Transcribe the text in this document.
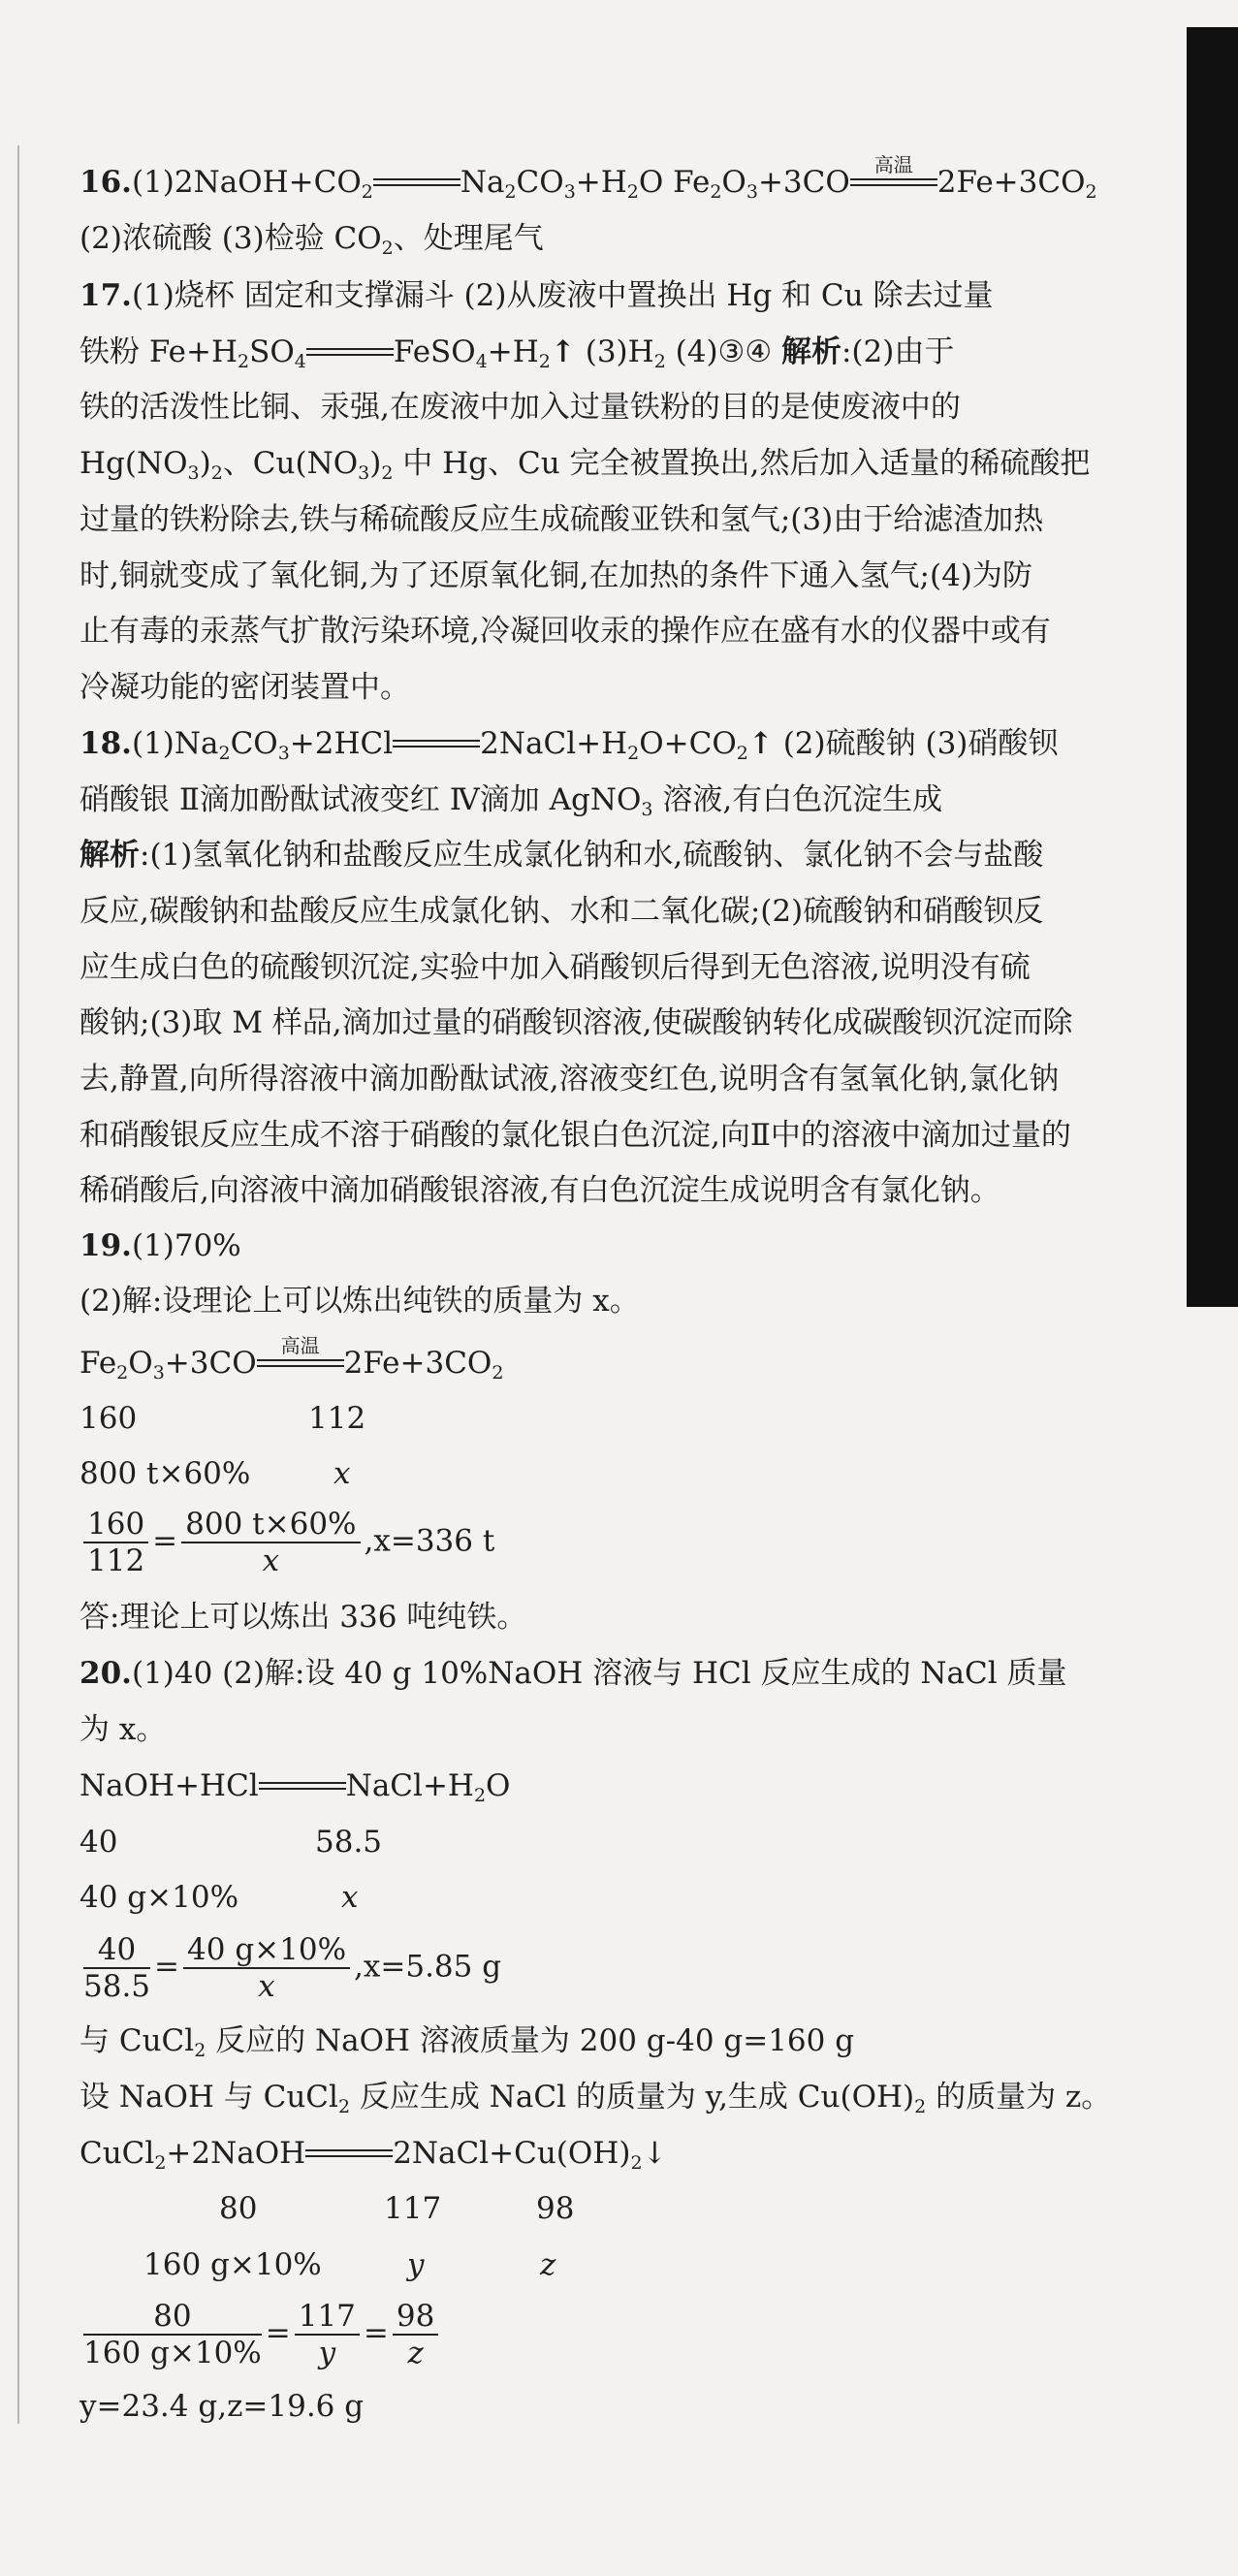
$16.(1)2NaOH+CO_2$	$Na_2CO_3+H_2O$ $Fe_2O_3+3CO$
高温
$2Fe+3CO_2$
(2)浓硫酸 (3)检验 $CO_2$、处理尾气
17.(1)烧杯 固定和支撑漏斗 (2)从废液中置换出 Hg 和 Cu 除去过量
铁粉 $Fe+H_2SO_4$	$FeSO_4+H_2$ ↑ $(3)H_2$ (4)③④ 解析:(2)由于
铁的活泼性比铜、汞强,在废液中加入过量铁粉的目的是使废液中的
$Hg(NO_3)_2$、$Cu(NO_3)_2$ 中 Hg、Cu 完全被置换出,然后加入适量的稀硫酸把
过量的铁粉除去,铁与稀硫酸反应生成硫酸亚铁和氢气;(3)由于给滤渣加热
时,铜就变成了氧化铜,为了还原氧化铜,在加热的条件下通入氢气;(4)为防
止有毒的汞蒸气扩散污染环境,冷凝回收汞的操作应在盛有水的仪器中或有
冷凝功能的密闭装置中。
$18.(1)Na_2CO_3+2HCl$	$2NaCl+H_2O+CO_2$ ↑ (2)硫酸钠 (3)硝酸钡
硝酸银 Ⅱ滴加酚酞试液变红 Ⅳ滴加 AgNO$_3$ 溶液,有白色沉淀生成
解析:(1)氢氧化钠和盐酸反应生成氯化钠和水,硫酸钠、氯化钠不会与盐酸
反应,碳酸钠和盐酸反应生成氯化钠、水和二氧化碳;(2)硫酸钠和硝酸钡反
应生成白色的硫酸钡沉淀,实验中加入硝酸钡后得到无色溶液,说明没有硫
酸钠;(3)取 M 样品,滴加过量的硝酸钡溶液,使碳酸钠转化成碳酸钡沉淀而除
去,静置,向所得溶液中滴加酚酞试液,溶液变红色,说明含有氢氧化钠,氯化钠
和硝酸银反应生成不溶于硝酸的氯化银白色沉淀,向Ⅱ中的溶液中滴加过量的
稀硝酸后,向溶液中滴加硝酸银溶液,有白色沉淀生成说明含有氯化钠。
19.(1)70%
(2)解:设理论上可以炼出纯铁的质量为 x。
$Fe_2O_3+3CO$
高温
$2Fe+3CO_2$
160	112
800 t×60%	x
$\frac{160}{112} = \frac{800 t\times 60\%}{x} ,x=336$ t
答:理论上可以炼出 336 吨纯铁。
20.(1)40 (2)解:设 40 g 10%NaOH 溶液与 HCl 反应生成的 NaCl 质量
为 x。
NaOH+HCl	$NaCl+H_2O$
40	58.5
40 g×10%	x
$\frac{40}{58.5} = \frac{40 g\times 10\%}{x} ,x=5.85$ g
与 CuCl$_2$ 反应的 NaOH 溶液质量为 200 g-40 g=160 g
设 NaOH 与 CuCl$_2$ 反应生成 NaCl 的质量为 y,生成 $Cu(OH)_2$ 的质量为 z。
CuCl$_2$+2NaOH	$2NaCl+Cu(OH)_2↓$
80	117	98
160 g×10%	y	z
$\frac{80}{160 g\times 10\%} = \frac{117}{y} = \frac{98}{z}$
y=23.4 g,z=19.6 g
